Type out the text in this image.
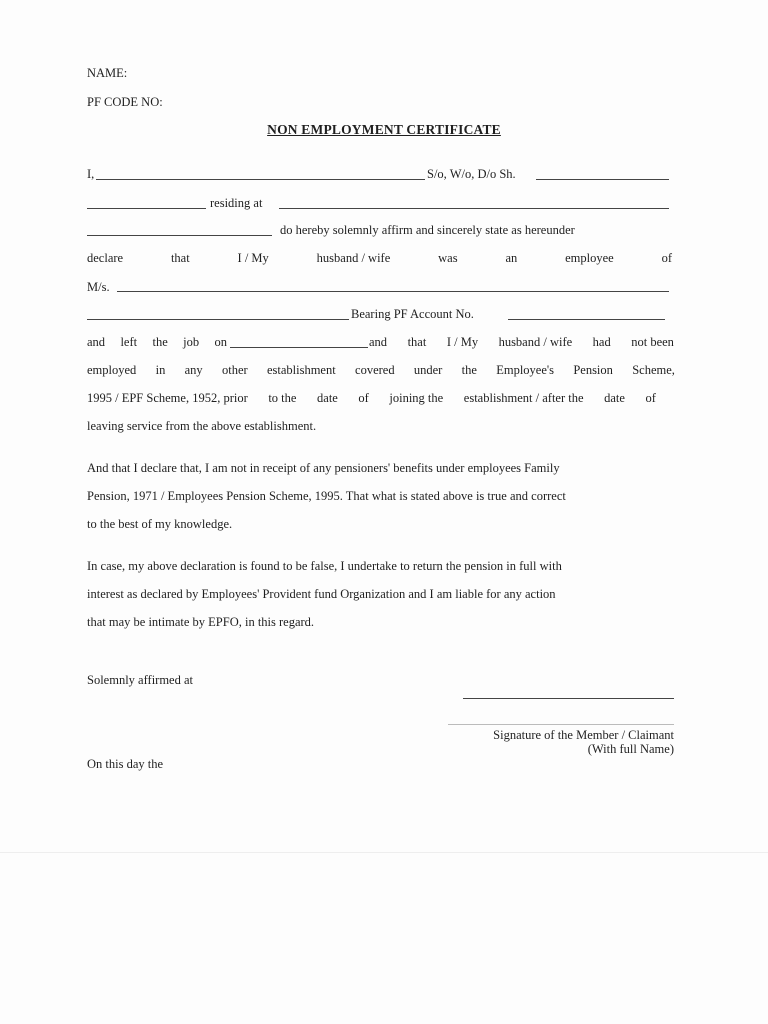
NAME:
PF CODE NO:
NON EMPLOYMENT CERTIFICATE
I,	S/o, W/o, D/o Sh.
residing at
do hereby solemnly affirm and sincerely state as hereunder
declare	that	I / My	husband / wife	was	an	employee	of
M/s.
Bearing PF Account No.
and left the job on	and that I / My husband / wife had not been
employed in any other establishment covered under the Employee's Pension Scheme,
1995 / EPF Scheme, 1952, prior to the date of joining the establishment / after the date of
leaving service from the above establishment.
And that I declare that, I am not in receipt of any pensioners' benefits under employees Family
Pension, 1971 / Employees Pension Scheme, 1995. That what is stated above is true and correct
to the best of my knowledge.
In case, my above declaration is found to be false, I undertake to return the pension in full with
interest as declared by Employees' Provident fund Organization and I am liable for any action
that may be intimate by EPFO, in this regard.
Solemnly affirmed at
Signature of the Member / Claimant
(With full Name)
On this day the
